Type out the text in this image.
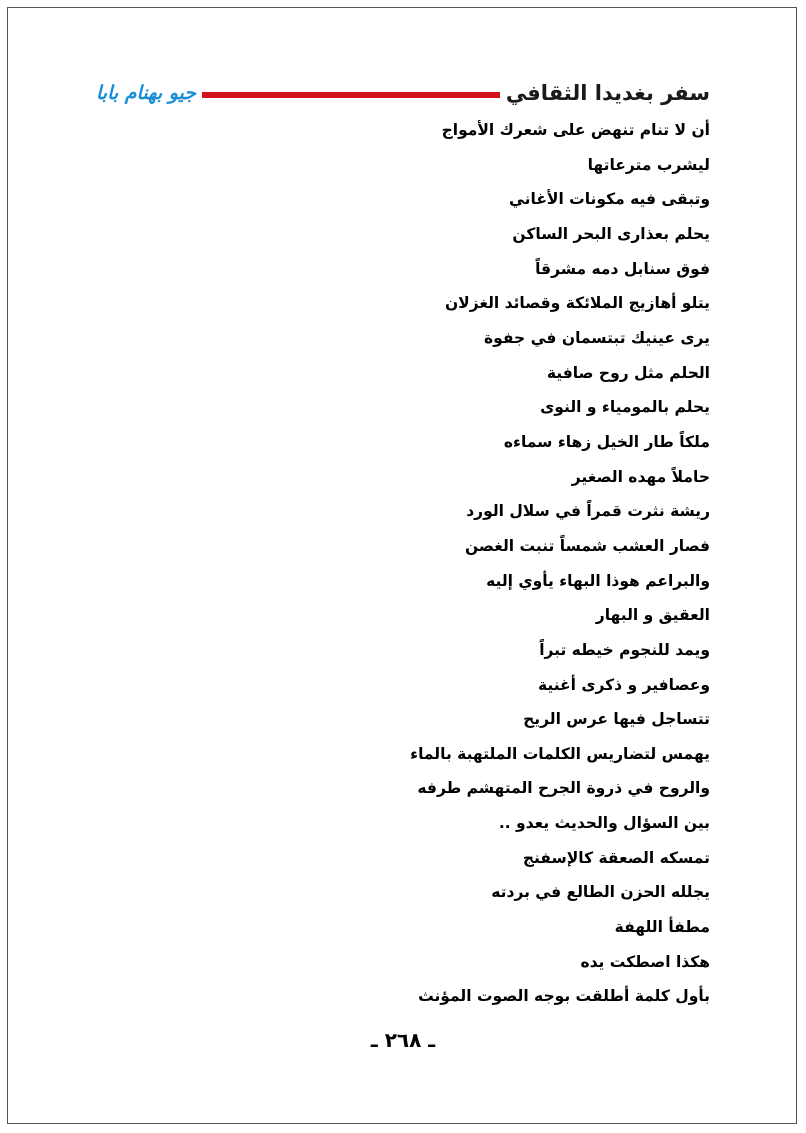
سفر بغديدا الثقافي
جيو بهنام بابا
أن لا تنام تنهض على شعرك الأمواج
ليشرب مترعاتها
وتبقى فيه مكونات الأغاني
يحلم بعذارى البحر الساكن
فوق سنابل دمه مشرقاً
يتلو أهازيج الملائكة وقصائد الغزلان
يرى عينيك تبتسمان في جفوة
الحلم مثل روح صافية
يحلم بالمومياء و النوى
ملكاً طار الخيل زهاء سماءه
حاملاً مهده الصغير
ريشة نثرت قمراً في سلال الورد
فصار العشب شمساً تنبت الغصن
والبراعم هوذا البهاء يأوي إليه
العقيق و البهار
ويمد للنجوم خيطه تبراً
وعصافير و ذكرى أغنية
تتساجل فيها عرس الريح
يهمس لتضاريس الكلمات الملتهبة بالماء
والروح في ذروة الجرح المتهشم طرفه
بين السؤال والحديث يعدو ..
تمسكه الصعقة كالإسفنج
يجلله الحزن الطالع في بردته
مطفأ اللهفة
هكذا اصطكت يده
بأول كلمة أطلقت بوجه الصوت المؤنث
ـ ٢٦٨ ـ
